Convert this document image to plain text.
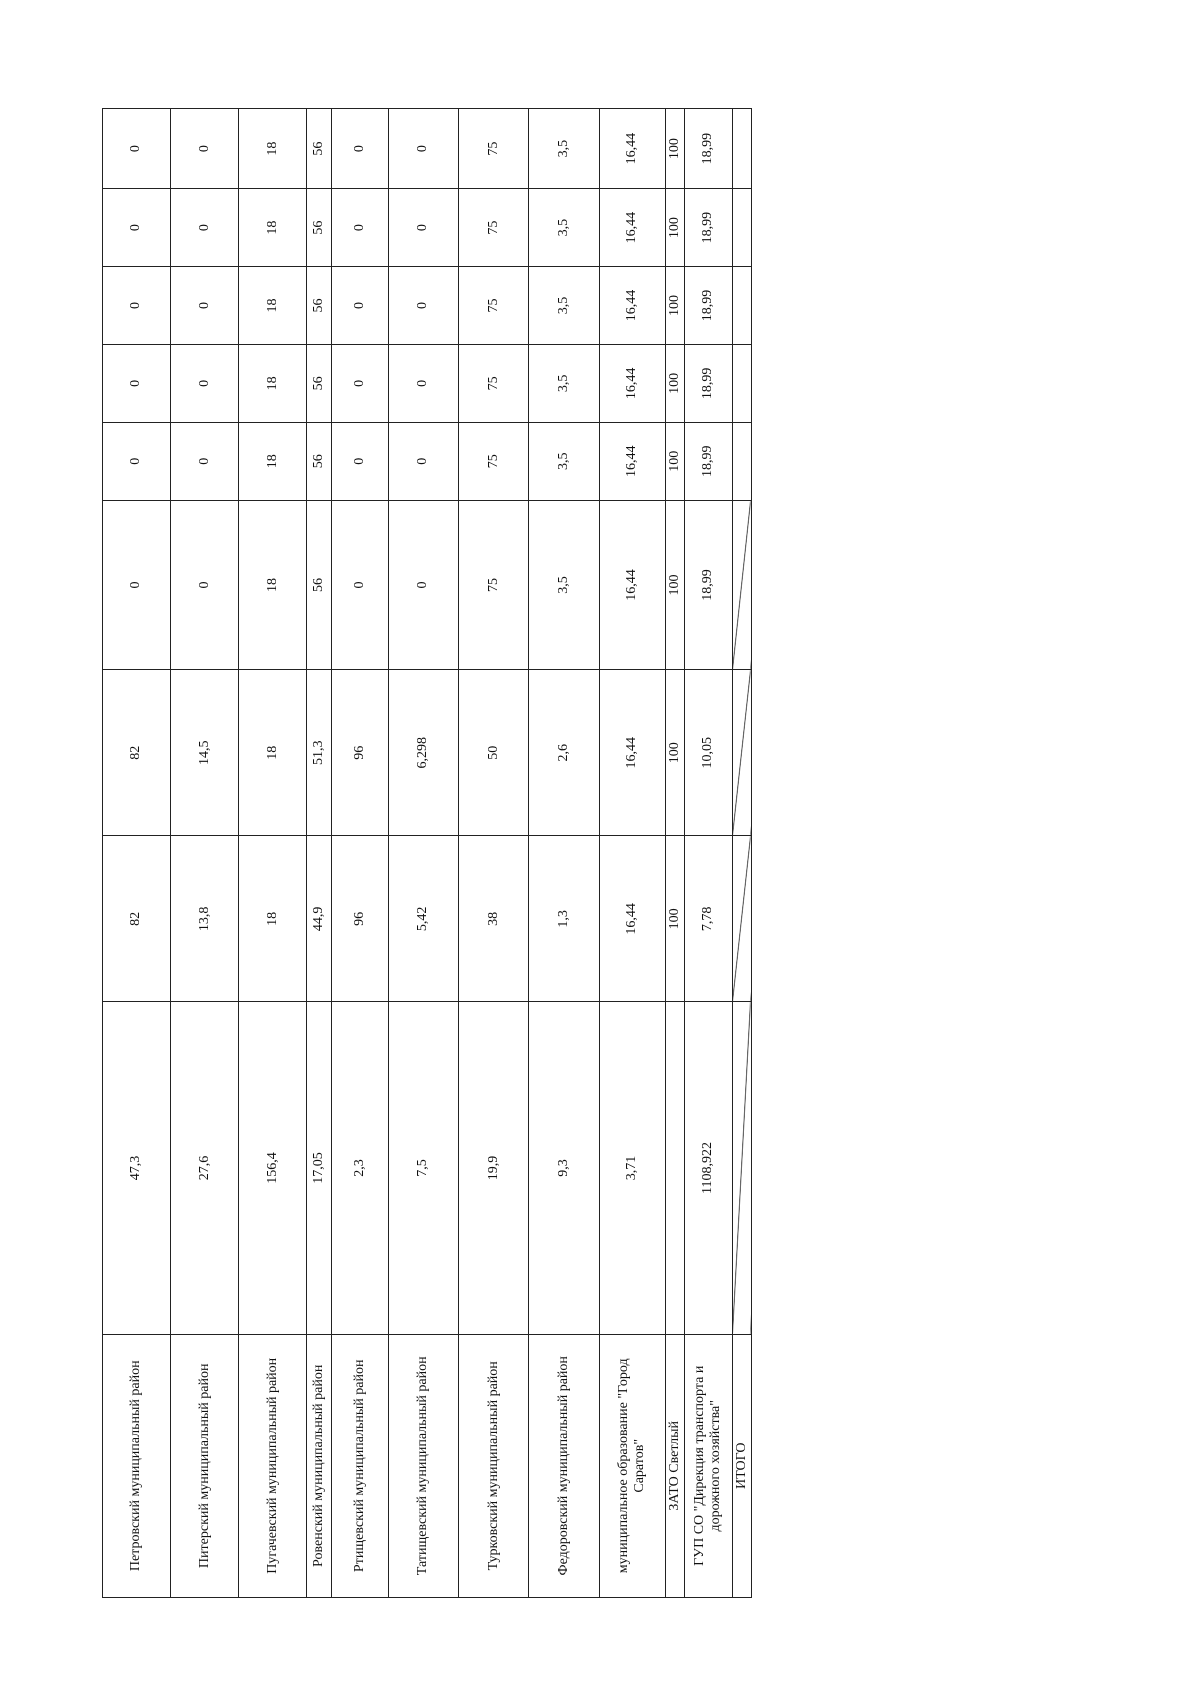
Петровский муниципальный район	47,3	82	82	0	0	0	0	0	0
Питерский муниципальный район	27,6	13,8	14,5	0	0	0	0	0	0
Пугачевский муниципальный район	156,4	18	18	18	18	18	18	18	18
Ровенский муниципальный район	17,05	44,9	51,3	56	56	56	56	56	56
Ртищевский муниципальный район	2,3	96	96	0	0	0	0	0	0
Татищевский муниципальный район	7,5	5,42	6,298	0	0	0	0	0	0
Турковский муниципальный район	19,9	38	50	75	75	75	75	75	75
Федоровский муниципальный район	9,3	1,3	2,6	3,5	3,5	3,5	3,5	3,5	3,5
муниципальное образование "Город Саратов"	3,71	16,44	16,44	16,44	16,44	16,44	16,44	16,44	16,44
ЗАТО Светлый		100	100	100	100	100	100	100	100
ГУП СО "Дирекция транспорта и дорожного хозяйства"	1108,922	7,78	10,05	18,99	18,99	18,99	18,99	18,99	18,99
ИТОГО									
